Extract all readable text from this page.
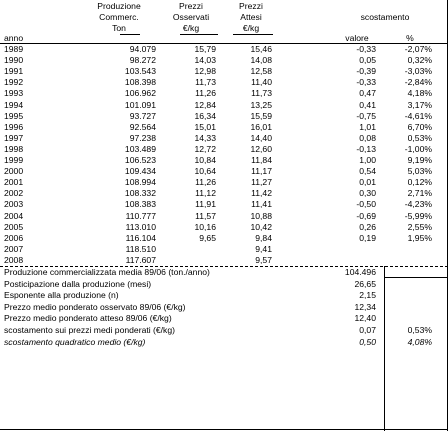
Produzione
Commerc.
Ton
Prezzi
Osservati
€/kg
Prezzi
Attesi
€/kg
scostamento
anno	valore	%
1989	94.079	15,79	15,46	-0,33	-2,07%
1990	98.272	14,03	14,08	0,05	0,32%
1991	103.543	12,98	12,58	-0,39	-3,03%
1992	108.398	11,73	11,40	-0,33	-2,84%
1993	106.962	11,26	11,73	0,47	4,18%
1994	101.091	12,84	13,25	0,41	3,17%
1995	93.727	16,34	15,59	-0,75	-4,61%
1996	92.564	15,01	16,01	1,01	6,70%
1997	97.238	14,33	14,40	0,08	0,53%
1998	103.489	12,72	12,60	-0,13	-1,00%
1999	106.523	10,84	11,84	1,00	9,19%
2000	109.434	10,64	11,17	0,54	5,03%
2001	108.994	11,26	11,27	0,01	0,12%
2002	108.332	11,12	11,42	0,30	2,71%
2003	108.383	11,91	11,41	-0,50	-4,23%
2004	110.777	11,57	10,88	-0,69	-5,99%
2005	113.010	10,16	10,42	0,26	2,55%
2006	116.104	9,65	9,84	0,19	1,95%
2007	118.510	9,41
2008	117.607	9,57
Produzione commercializzata media 89/06 (ton./anno)	104.496
Posticipazione dalla produzione (mesi)	26,65
Esponente alla produzione (n)	2,15
Prezzo medio ponderato osservato 89/06 (€/kg)	12,34
Prezzo medio ponderato atteso 89/06 (€/kg)	12,40
scostamento sui prezzi medi ponderati (€/kg)	0,07	0,53%
scostamento quadratico medio (€/kg)	0,50	4,08%
